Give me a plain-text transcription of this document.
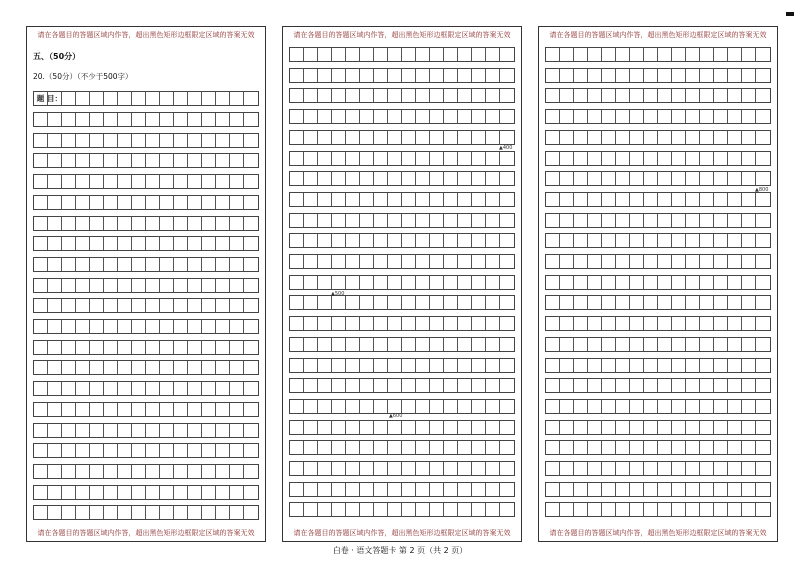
请在各题目的答题区域内作答，超出黑色矩形边框限定区域的答案无效
五、（50分）
20.（50分）（不少于500字）
题 目：
请在各题目的答题区域内作答，超出黑色矩形边框限定区域的答案无效
请在各题目的答题区域内作答，超出黑色矩形边框限定区域的答案无效
▲400
▲500
▲600
请在各题目的答题区域内作答，超出黑色矩形边框限定区域的答案无效
请在各题目的答题区域内作答，超出黑色矩形边框限定区域的答案无效
▲800
请在各题目的答题区域内作答，超出黑色矩形边框限定区域的答案无效
白卷 · 语文答题卡 第 2 页（共 2 页）
